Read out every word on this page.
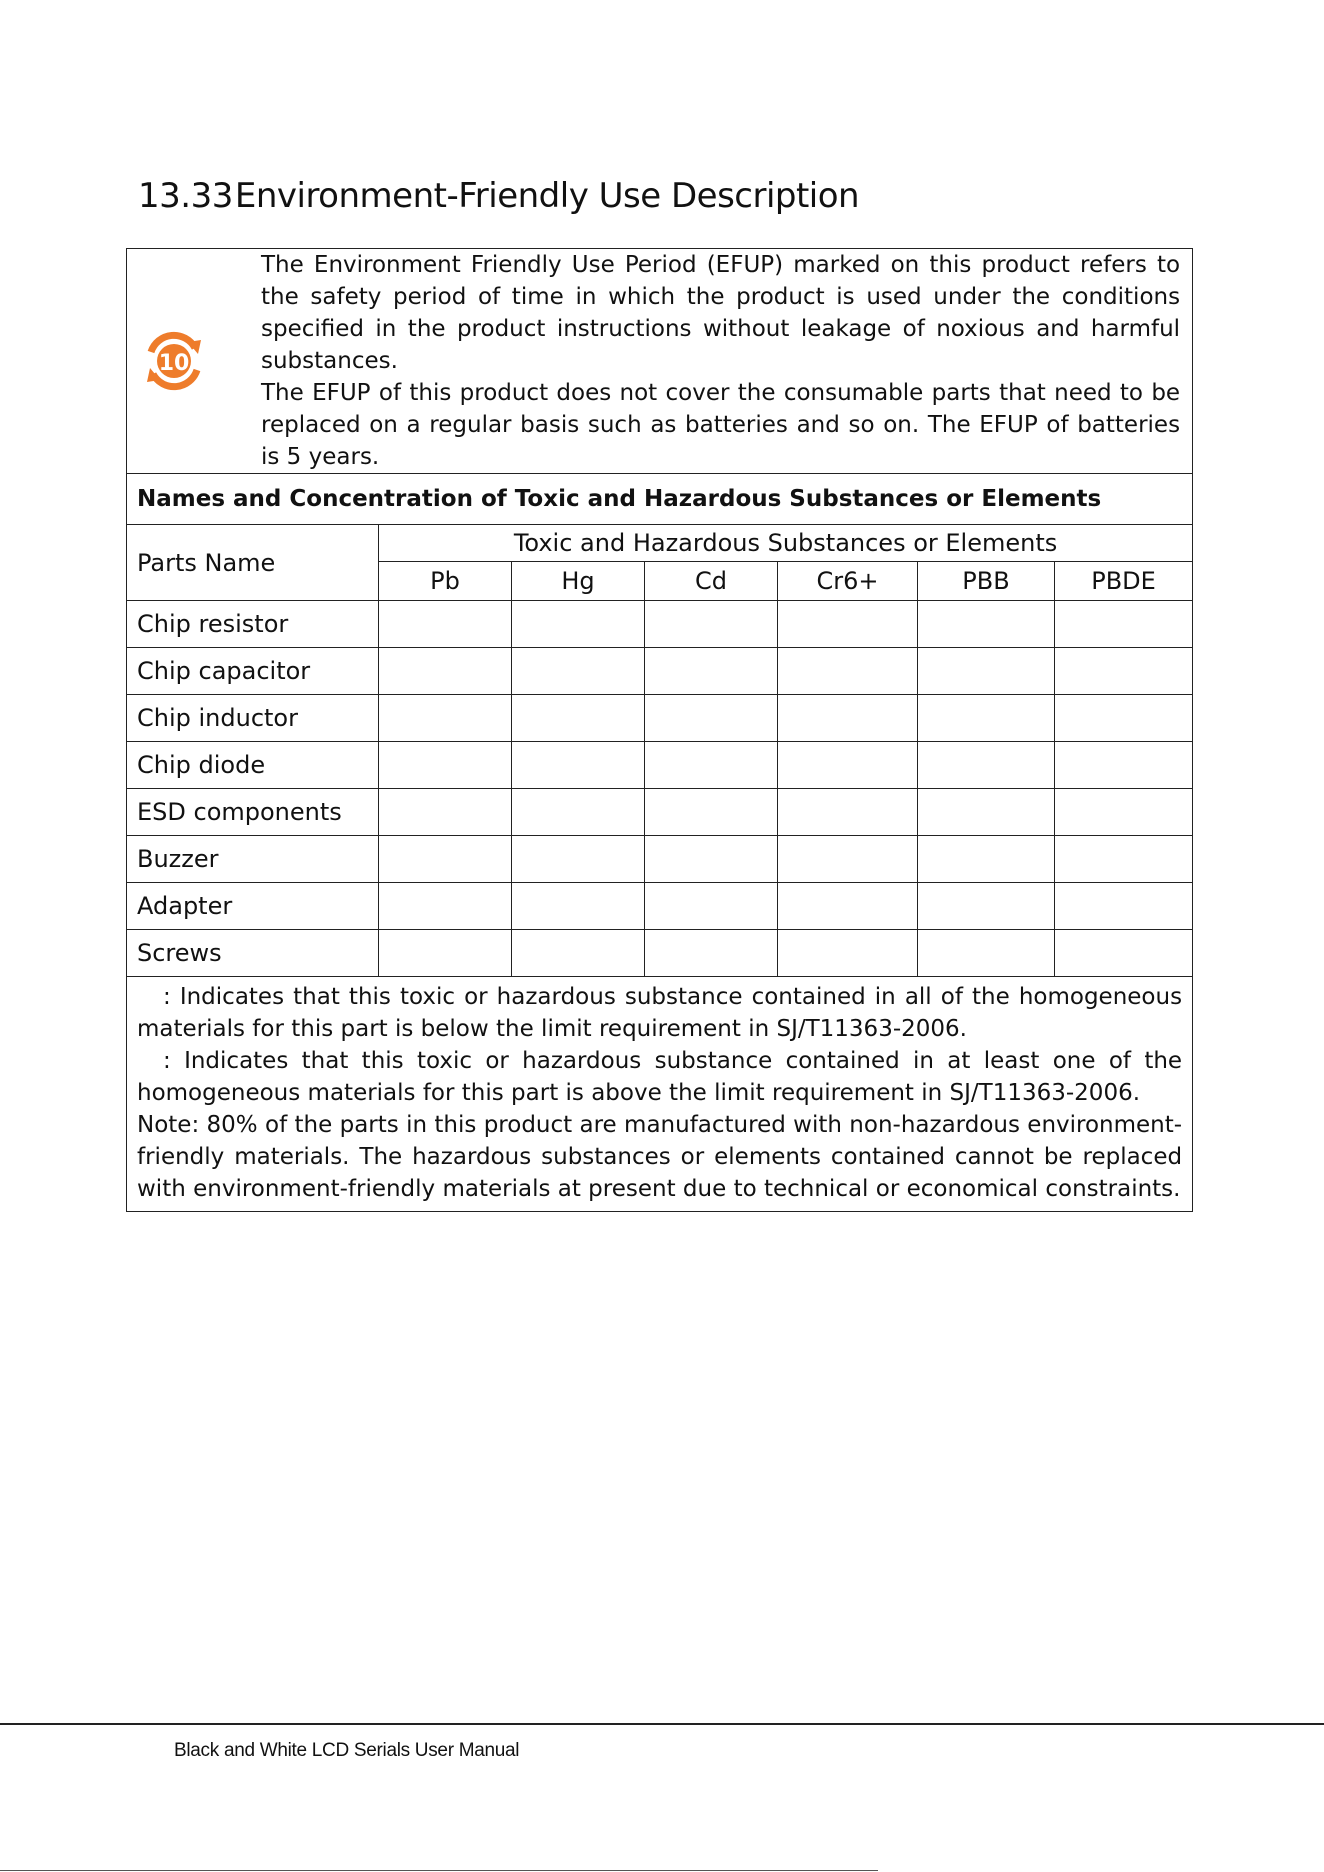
13.33Environment-Friendly Use Description
10

The Environment Friendly Use Period (EFUP) marked on this product refers to the safety period of time in which the product is used under the conditions specified in the product instructions without leakage of noxious and harmful substances.

The EFUP of this product does not cover the consumable parts that need to be replaced on a regular basis such as batteries and so on. The EFUP of batteries is 5 years.						

Names and Concentration of Toxic and Hazardous Substances or Elements						
Parts Name	Toxic and Hazardous Substances or Elements					
	Pb	Hg	Cd	Cr6+	PBB	PBDE
Chip resistor						
Chip capacitor						
Chip inductor						
Chip diode						
ESD components						
Buzzer						
Adapter						
Screws						

: Indicates that this toxic or hazardous substance contained in all of the homogeneous materials for this part is below the limit requirement in SJ/T11363-2006.

: Indicates that this toxic or hazardous substance contained in at least one of the homogeneous materials for this part is above the limit requirement in SJ/T11363-2006.

Note: 80% of the parts in this product are manufactured with non-hazardous environment-friendly materials. The hazardous substances or elements contained cannot be replaced with environment-friendly materials at present due to technical or economical constraints.						

Black and White LCD Serials User Manual
